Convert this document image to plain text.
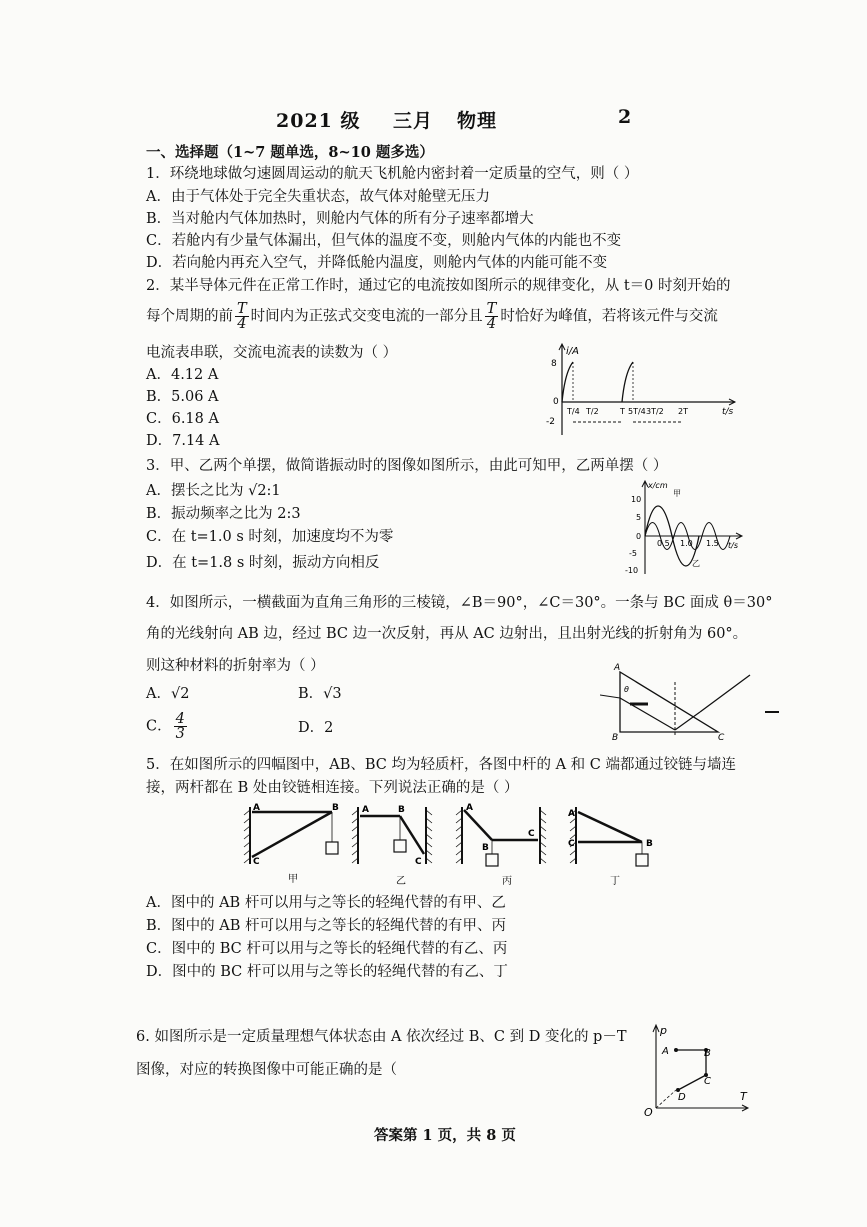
2021 级 三月 物理	2
一、选择题（1~7 题单选，8~10 题多选）
1．环绕地球做匀速圆周运动的航天飞机舱内密封着一定质量的空气，则（ ）
A．由于气体处于完全失重状态，故气体对舱壁无压力
B．当对舱内气体加热时，则舱内气体的所有分子速率都增大
C．若舱内有少量气体漏出，但气体的温度不变，则舱内气体的内能也不变
D．若向舱内再充入空气，并降低舱内温度，则舱内气体的内能可能不变
2．某半导体元件在正常工作时，通过它的电流按如图所示的规律变化，从 t＝0 时刻开始的
每个周期的前 $\frac{T}{4}$ 时间内为正弦式交变电流的一部分且 $\frac{T}{4}$ 时恰好为峰值，若将该元件与交流
电流表串联，交流电流表的读数为（ ）
A．4.12 A
B．5.06 A
C．6.18 A
D．7.14 A
i/A
8
0
-2
t/s
T/4 T/2	T 5T/4 3T/2 2T
3．甲、乙两个单摆，做简谐振动时的图像如图所示，由此可知甲，乙两单摆（ ）
A．摆长之比为 √2:1
B．振动频率之比为 2:3
C．在 t=1.0 s 时刻，加速度均不为零
D．在 t=1.8 s 时刻，振动方向相反
x/cm
10
5
0
-5
-10
0.5 1.0 1.5 t/s
甲
乙
4．如图所示，一横截面为直角三角形的三棱镜，∠B＝90°，∠C＝30°。一条与 BC 面成 θ＝30°
角的光线射向 AB 边，经过 BC 边一次反射，再从 AC 边射出，且出射光线的折射角为 60°。
则这种材料的折射率为（ ）
A．√2	B．√3
C． $\frac{4}{3}$	D．2
A
B	C
θ
5．在如图所示的四幅图中，AB、BC 均为轻质杆，各图中杆的 A 和 C 端都通过铰链与墙连
接，两杆都在 B 处由铰链相连接。下列说法正确的是（ ）
A	B
C
A	B
C
A
B
C
A
C	B
甲	乙	丙	丁
A．图中的 AB 杆可以用与之等长的轻绳代替的有甲、乙
B．图中的 AB 杆可以用与之等长的轻绳代替的有甲、丙
C．图中的 BC 杆可以用与之等长的轻绳代替的有乙、丙
D．图中的 BC 杆可以用与之等长的轻绳代替的有乙、丁
6. 如图所示是一定质量理想气体状态由 A 依次经过 B、C 到 D 变化的 p－T
图像，对应的转换图像中可能正确的是（
p
T
O
A	B
C
D
答案第 1 页，共 8 页
